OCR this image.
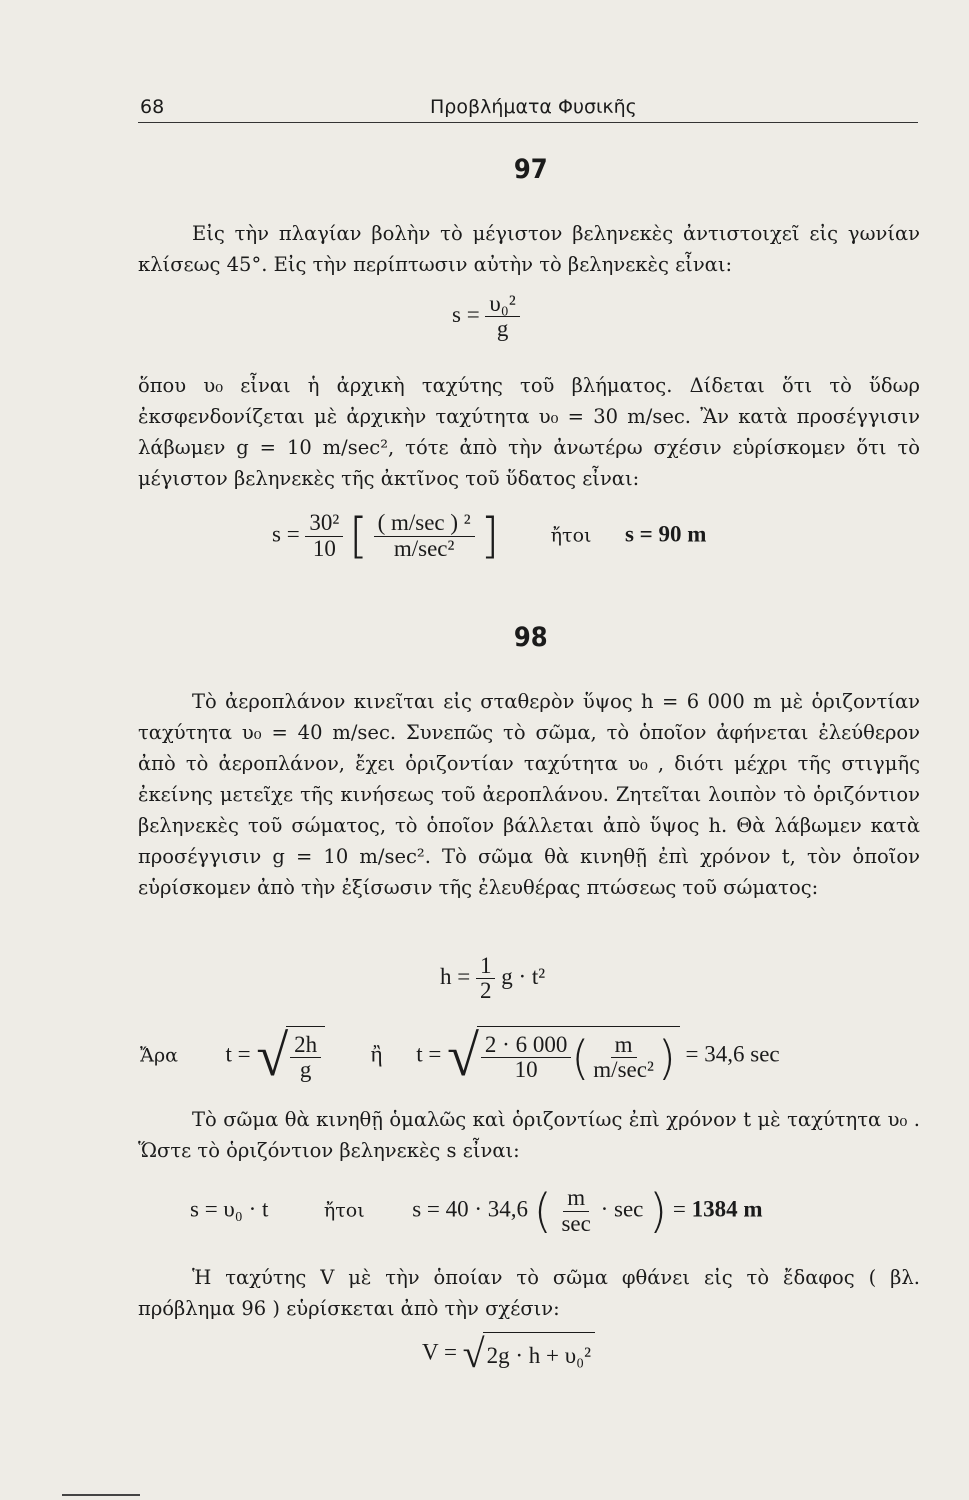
68	Προβλήματα Φυσικῆς
97

Εἰς τὴν πλαγίαν βολὴν τὸ μέγιστον βεληνεκὲς ἀντιστοιχεῖ εἰς γωνίαν κλίσεως 45°. Εἰς τὴν περίπτωσιν αὐτὴν τὸ βεληνεκὲς εἶναι:

$s = \frac{\text{υ₀²}}{g}$

ὅπου υ₀ εἶναι ἡ ἀρχικὴ ταχύτης τοῦ βλήματος. Δίδεται ὅτι τὸ ὕδωρ ἐκσφενδονίζεται μὲ ἀρχικὴν ταχύτητα υ₀ = 30 m/sec. Ἂν κατὰ προσέγγισιν λάβωμεν g = 10 m/sec², τότε ἀπὸ τὴν ἀνωτέρω σχέσιν εὑρίσκομεν ὅτι τὸ μέγιστον βεληνεκὲς τῆς ἀκτῖνος τοῦ ὕδατος εἶναι:

$s = \frac{\text{30²}}{10}$ [ $\frac{\text{( m/sec ) ²}}{\text{m/sec²}}$ ]	ἤτοι s = 90 m
98

Τὸ ἀεροπλάνον κινεῖται εἰς σταθερὸν ὕψος h = 6 000 m μὲ ὁριζοντίαν ταχύτητα υ₀ = 40 m/sec. Συνεπῶς τὸ σῶμα, τὸ ὁποῖον ἀφήνεται ἐλεύθερον ἀπὸ τὸ ἀεροπλάνον, ἔχει ὁριζοντίαν ταχύτητα υ₀ , διότι μέχρι τῆς στιγμῆς ἐκείνης μετεῖχε τῆς κινήσεως τοῦ ἀεροπλάνου. Ζητεῖται λοιπὸν τὸ ὁριζόντιον βεληνεκὲς τοῦ σώματος, τὸ ὁποῖον βάλλεται ἀπὸ ὕψος h. Θὰ λάβωμεν κατὰ προσέγγισιν g = 10 m/sec². Τὸ σῶμα θὰ κινηθῇ ἐπὶ χρόνον t, τὸν ὁποῖον εὑρίσκομεν ἀπὸ τὴν ἐξίσωσιν τῆς ἐλευθέρας πτώσεως τοῦ σώματος:

$h = \frac{1}{2}$ g · t²
Ἄρα t = √ $\frac{2h}{g}$ ἢ t = √ $\frac{2 \cdot 6 000}{10}$ ( $\frac{m}{\text{m/sec²}}$ ) = 34,6 sec

Τὸ σῶμα θὰ κινηθῇ ὁμαλῶς καὶ ὁριζοντίως ἐπὶ χρόνον t μὲ ταχύτητα υ₀ . Ὥστε τὸ ὁριζόντιον βεληνεκὲς s εἶναι:

s = υ₀ · t	ἤτοι s = 40 · 34,6 ( $\frac{m}{\sec} \cdot \sec$ ) = 1384 m

Ἡ ταχύτης V μὲ τὴν ὁποίαν τὸ σῶμα φθάνει εἰς τὸ ἔδαφος ( βλ. πρόβλημα 96 ) εὑρίσκεται ἀπὸ τὴν σχέσιν:

V = √ 2g · h + υ₀²
